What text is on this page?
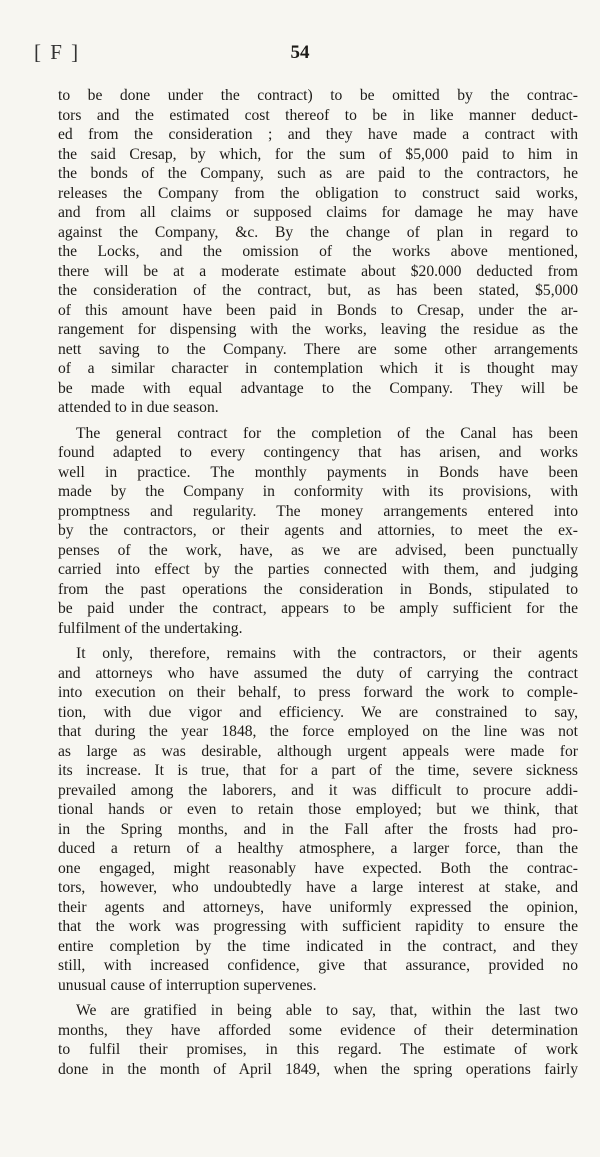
[ F ]	54
to be done under the contract) to be omitted by the contrac-
tors and the estimated cost thereof to be in like manner deduct-
ed from the consideration ; and they have made a contract with
the said Cresap, by which, for the sum of $5,000 paid to him in
the bonds of the Company, such as are paid to the contractors, he
releases the Company from the obligation to construct said works,
and from all claims or supposed claims for damage he may have
against the Company, &c. By the change of plan in regard to
the Locks, and the omission of the works above mentioned,
there will be at a moderate estimate about $20.000 deducted from
the consideration of the contract, but, as has been stated, $5,000
of this amount have been paid in Bonds to Cresap, under the ar-
rangement for dispensing with the works, leaving the residue as the
nett saving to the Company. There are some other arrangements
of a similar character in contemplation which it is thought may
be made with equal advantage to the Company. They will be
attended to in due season.
The general contract for the completion of the Canal has been
found adapted to every contingency that has arisen, and works
well in practice. The monthly payments in Bonds have been
made by the Company in conformity with its provisions, with
promptness and regularity. The money arrangements entered into
by the contractors, or their agents and attornies, to meet the ex-
penses of the work, have, as we are advised, been punctually
carried into effect by the parties connected with them, and judging
from the past operations the consideration in Bonds, stipulated to
be paid under the contract, appears to be amply sufficient for the
fulfilment of the undertaking.
It only, therefore, remains with the contractors, or their agents
and attorneys who have assumed the duty of carrying the contract
into execution on their behalf, to press forward the work to comple-
tion, with due vigor and efficiency. We are constrained to say,
that during the year 1848, the force employed on the line was not
as large as was desirable, although urgent appeals were made for
its increase. It is true, that for a part of the time, severe sickness
prevailed among the laborers, and it was difficult to procure addi-
tional hands or even to retain those employed; but we think, that
in the Spring months, and in the Fall after the frosts had pro-
duced a return of a healthy atmosphere, a larger force, than the
one engaged, might reasonably have expected. Both the contrac-
tors, however, who undoubtedly have a large interest at stake, and
their agents and attorneys, have uniformly expressed the opinion,
that the work was progressing with sufficient rapidity to ensure the
entire completion by the time indicated in the contract, and they
still, with increased confidence, give that assurance, provided no
unusual cause of interruption supervenes.
We are gratified in being able to say, that, within the last two
months, they have afforded some evidence of their determination
to fulfil their promises, in this regard. The estimate of work
done in the month of April 1849, when the spring operations fairly
